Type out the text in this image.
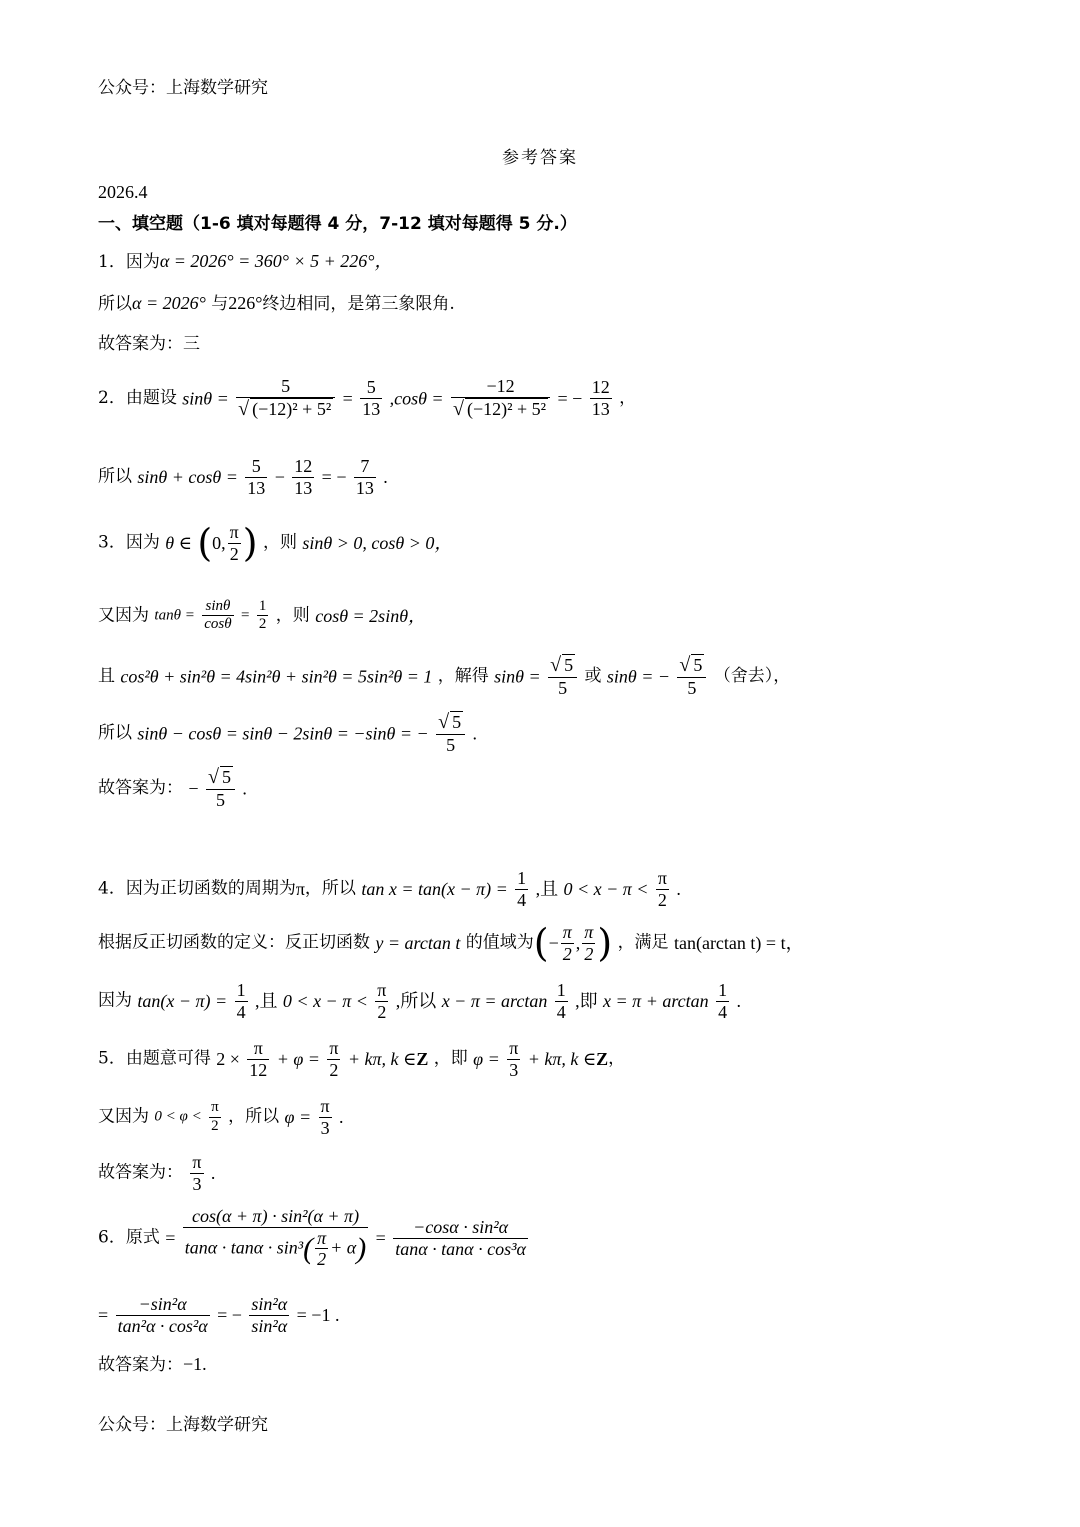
公众号：上海数学研究
参考答案
2026.4
一、填空题（1-6 填对每题得 4 分，7-12 填对每题得 5 分.）
1．因为α = 2026° = 360° × 5 + 226°，
所以α = 2026° 与226°终边相同，是第三象限角.
故答案为：三
2．由题设 $\sin\theta = \frac{5}{\text{√ (−12)² + 5²}} = \frac{5}{13} ,\cos\theta = \frac{-12}{\text{√ (−12)² + 5²}}$ = − $\frac{12}{13}$ ，
所以 $\sin\theta + \cos\theta = \frac{5}{13} - \frac{12}{13}$ = − $\frac{7}{13}$ .
3．因为 θ ∈ (0, $\frac{\pi}{2}$ ) ，则 sinθ > 0, cosθ > 0，
又因为 $\tan\theta = \frac{\sin\theta}{\cos\theta} = \frac{1}{2}$ ，则 cosθ = 2sinθ，
且 cos²θ + sin²θ = 4sin²θ + sin²θ = 5sin²θ = 1 ，解得 $\sin\theta = \frac{√ 5}{5}$ 或 sinθ = − $\frac{√ 5}{5}$ （舍去），
所以 sinθ − cosθ = sinθ − 2sinθ = −sinθ = − $\frac{√ 5}{5}$ .
故答案为： − $\frac{√ 5}{5}$ .
4．因为正切函数的周期为π，所以 $\tan x = \tan(x - \pi) = \frac{1}{4}$ ,且 $0 < x - \pi < \frac{\pi}{2}$ .
根据反正切函数的定义：反正切函数 y = arctan t 的值域为(− $\frac{\pi}{2}$ , $\frac{\pi}{2}$ ) ，满足 tan(arctan t) = t，
因为 $\tan(x - \pi) = \frac{1}{4}$ ,且 $0 < x - \pi < \frac{\pi}{2}$ ,所以 $x - \pi = \arctan \frac{1}{4}$ ,即 $x = \pi + \arctan \frac{1}{4}$ .
5．由题意可得 $2 \times \frac{\pi}{12} + \varphi = \frac{\pi}{2} + k\pi$, k ∈Z ，即 $\varphi = \frac{\pi}{3} + k\pi$, k ∈Z，
又因为 $0 < \varphi < \frac{\pi}{2}$ ，所以 $\varphi = \frac{\pi}{3}$ .
故答案为： $\frac{\pi}{3}$ .
6．原式 = $\frac{\text{cos(α + π) · sin²(α + π)}}{\tan\alpha \cdot \tan\alpha \cdot \sin^3( \frac{\pi}{2} + \alpha)} = \frac{\text{−cosα · sin²α}}{\text{tanα · tanα · cos³α}}$
= $\frac{\text{−sin²α}}{\text{tan²α · cos²α}}$ = − $\frac{\text{sin²α}}{\text{sin²α}} = -1$ .
故答案为：−1.
公众号：上海数学研究
